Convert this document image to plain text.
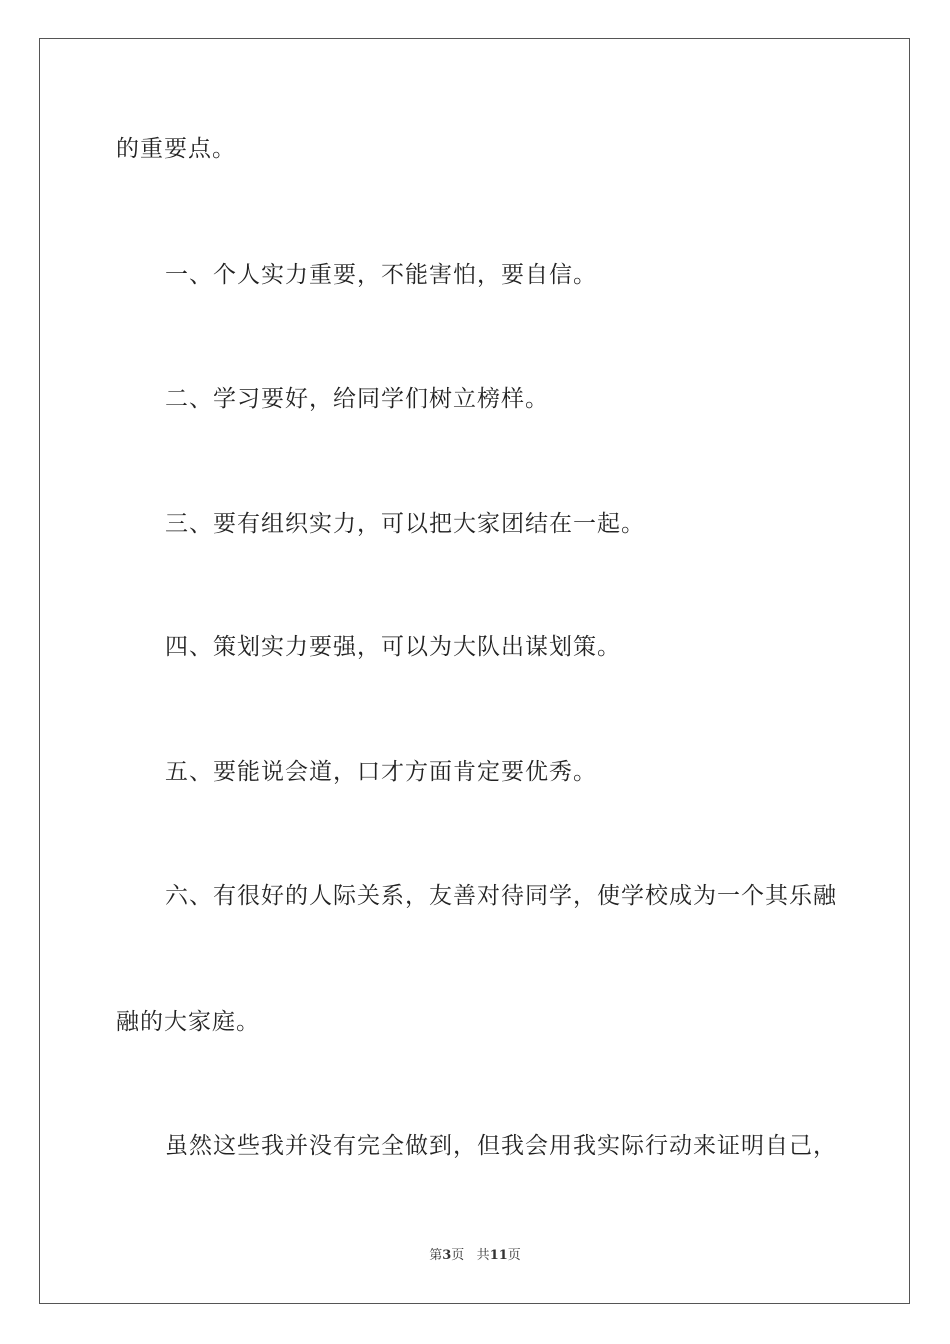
的重要点。

一、个人实力重要，不能害怕，要自信。

二、学习要好，给同学们树立榜样。

三、要有组织实力，可以把大家团结在一起。

四、策划实力要强，可以为大队出谋划策。

五、要能说会道，口才方面肯定要优秀。

六、有很好的人际关系，友善对待同学，使学校成为一个其乐融

融的大家庭。

虽然这些我并没有完全做到，但我会用我实际行动来证明自己，

第3页 共11页
